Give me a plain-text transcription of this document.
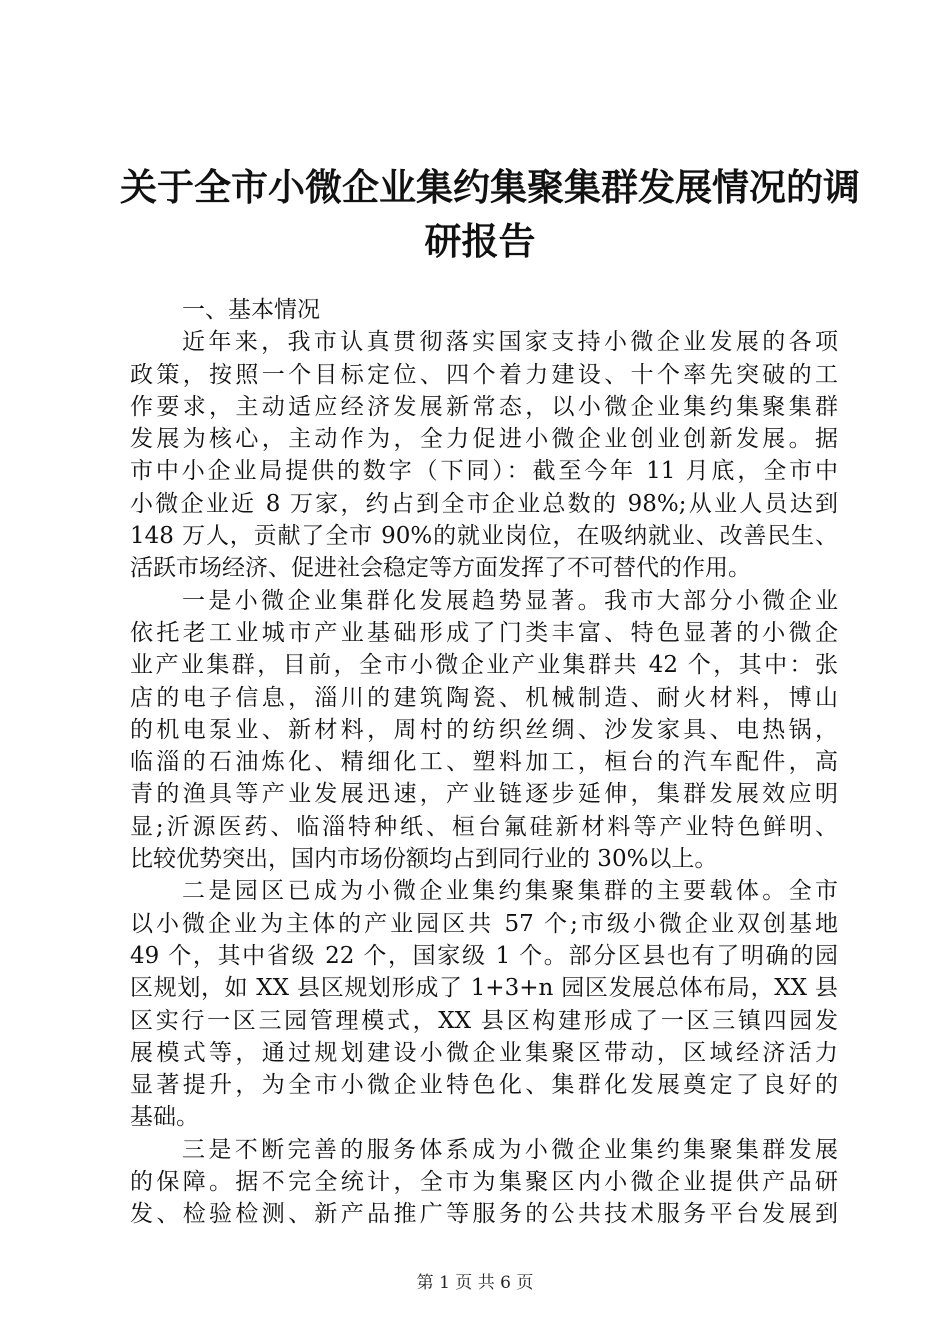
关于全市小微企业集约集聚集群发展情况的调
研报告
一、基本情况
近年来，我市认真贯彻落实国家支持小微企业发展的各项
政策，按照一个目标定位、四个着力建设、十个率先突破的工
作要求，主动适应经济发展新常态，以小微企业集约集聚集群
发展为核心，主动作为，全力促进小微企业创业创新发展。据
市中小企业局提供的数字（下同）：截至今年 11 月底，全市中
小微企业近 8 万家，约占到全市企业总数的 98%;从业人员达到
148 万人，贡献了全市 90%的就业岗位，在吸纳就业、改善民生、
活跃市场经济、促进社会稳定等方面发挥了不可替代的作用。
一是小微企业集群化发展趋势显著。我市大部分小微企业
依托老工业城市产业基础形成了门类丰富、特色显著的小微企
业产业集群，目前，全市小微企业产业集群共 42 个，其中：张
店的电子信息，淄川的建筑陶瓷、机械制造、耐火材料，博山
的机电泵业、新材料，周村的纺织丝绸、沙发家具、电热锅，
临淄的石油炼化、精细化工、塑料加工，桓台的汽车配件，高
青的渔具等产业发展迅速，产业链逐步延伸，集群发展效应明
显;沂源医药、临淄特种纸、桓台氟硅新材料等产业特色鲜明、
比较优势突出，国内市场份额均占到同行业的 30%以上。
二是园区已成为小微企业集约集聚集群的主要载体。全市
以小微企业为主体的产业园区共 57 个;市级小微企业双创基地
49 个，其中省级 22 个，国家级 1 个。部分区县也有了明确的园
区规划，如 XX 县区规划形成了 1+3+n 园区发展总体布局，XX 县
区实行一区三园管理模式，XX 县区构建形成了一区三镇四园发
展模式等，通过规划建设小微企业集聚区带动，区域经济活力
显著提升，为全市小微企业特色化、集群化发展奠定了良好的
基础。
三是不断完善的服务体系成为小微企业集约集聚集群发展
的保障。据不完全统计，全市为集聚区内小微企业提供产品研
发、检验检测、新产品推广等服务的公共技术服务平台发展到
第 1 页 共 6 页
